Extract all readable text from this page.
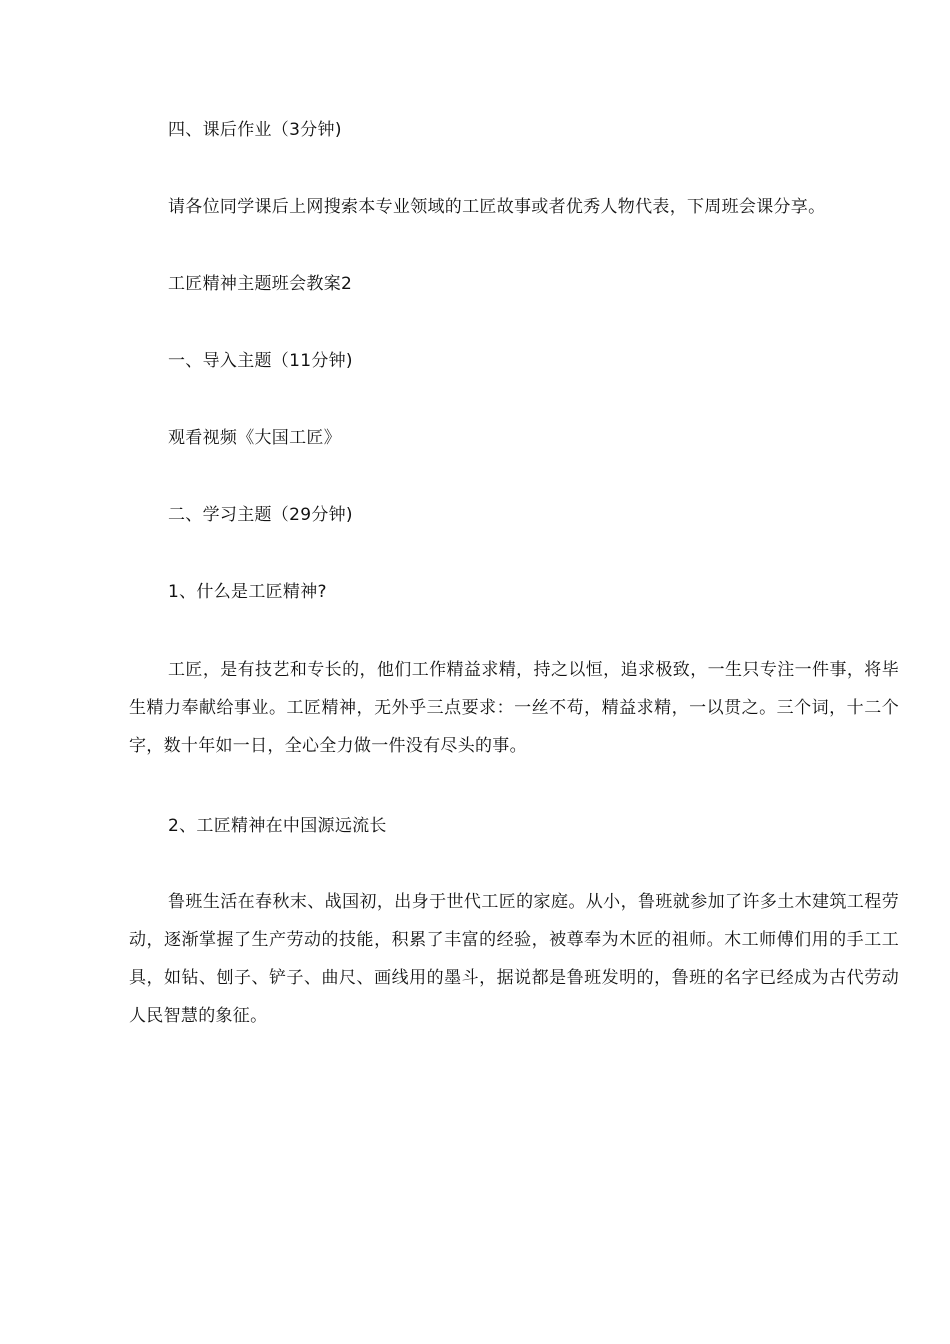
四、课后作业（3分钟)
请各位同学课后上网搜索本专业领域的工匠故事或者优秀人物代表，下周班会课分享。
工匠精神主题班会教案2
一、导入主题（11分钟)
观看视频《大国工匠》
二、学习主题（29分钟)
1、什么是工匠精神?
工匠，是有技艺和专长的，他们工作精益求精，持之以恒，追求极致，一生只专注一件事，将毕生精力奉献给事业。工匠精神，无外乎三点要求：一丝不苟，精益求精，一以贯之。三个词，十二个字，数十年如一日，全心全力做一件没有尽头的事。
2、工匠精神在中国源远流长
鲁班生活在春秋末、战国初，出身于世代工匠的家庭。从小，鲁班就参加了许多土木建筑工程劳动，逐渐掌握了生产劳动的技能，积累了丰富的经验，被尊奉为木匠的祖师。木工师傅们用的手工工具，如钻、刨子、铲子、曲尺、画线用的墨斗，据说都是鲁班发明的，鲁班的名字已经成为古代劳动人民智慧的象征。
